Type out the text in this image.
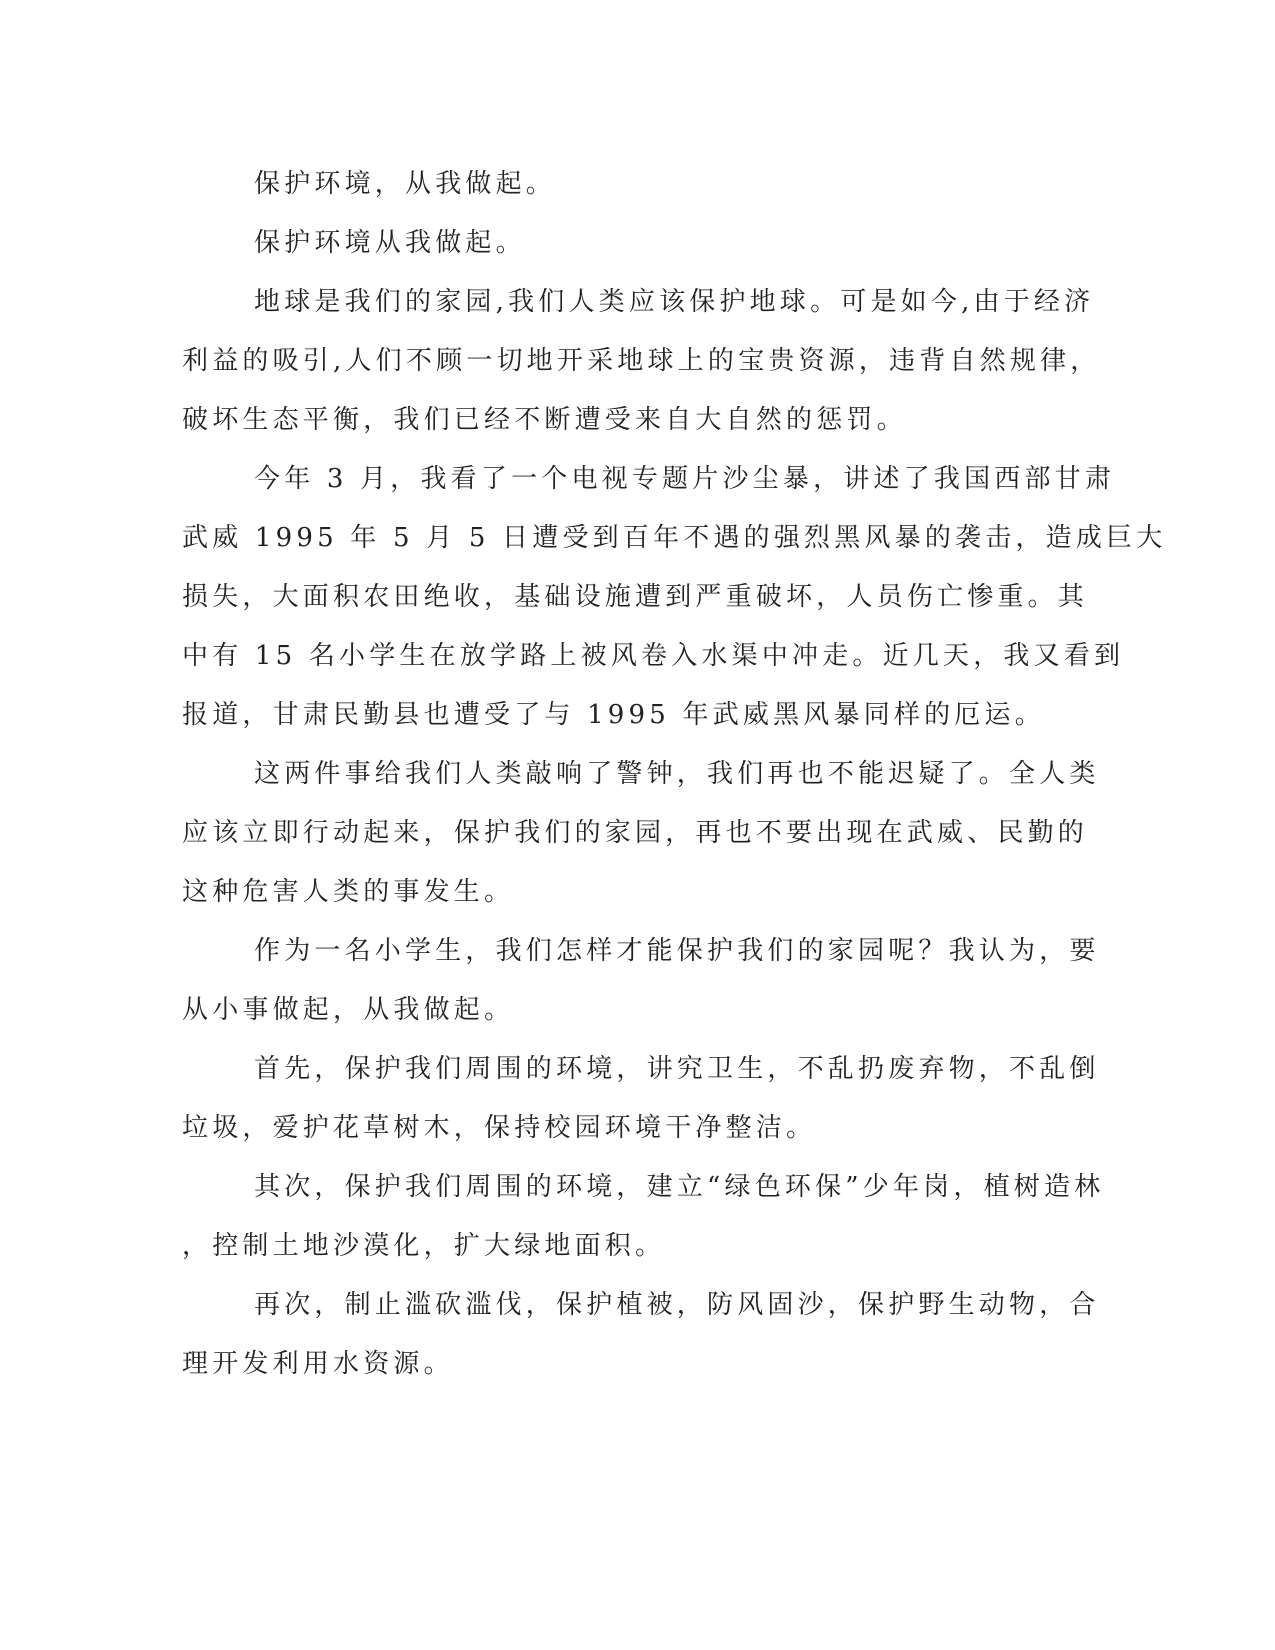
保护环境，从我做起。

保护环境从我做起。

地球是我们的家园,我们人类应该保护地球。可是如今,由于经济
利益的吸引,人们不顾一切地开采地球上的宝贵资源，违背自然规律，
破坏生态平衡，我们已经不断遭受来自大自然的惩罚。

今年 3 月，我看了一个电视专题片沙尘暴，讲述了我国西部甘肃
武威 1995 年 5 月 5 日遭受到百年不遇的强烈黑风暴的袭击，造成巨大
损失，大面积农田绝收，基础设施遭到严重破坏，人员伤亡惨重。其
中有 15 名小学生在放学路上被风卷入水渠中冲走。近几天，我又看到
报道，甘肃民勤县也遭受了与 1995 年武威黑风暴同样的厄运。

这两件事给我们人类敲响了警钟，我们再也不能迟疑了。全人类
应该立即行动起来，保护我们的家园，再也不要出现在武威、民勤的
这种危害人类的事发生。

作为一名小学生，我们怎样才能保护我们的家园呢？我认为，要
从小事做起，从我做起。

首先，保护我们周围的环境，讲究卫生，不乱扔废弃物，不乱倒
垃圾，爱护花草树木，保持校园环境干净整洁。

其次，保护我们周围的环境，建立“绿色环保”少年岗，植树造林
，控制土地沙漠化，扩大绿地面积。

再次，制止滥砍滥伐，保护植被，防风固沙，保护野生动物，合
理开发利用水资源。
